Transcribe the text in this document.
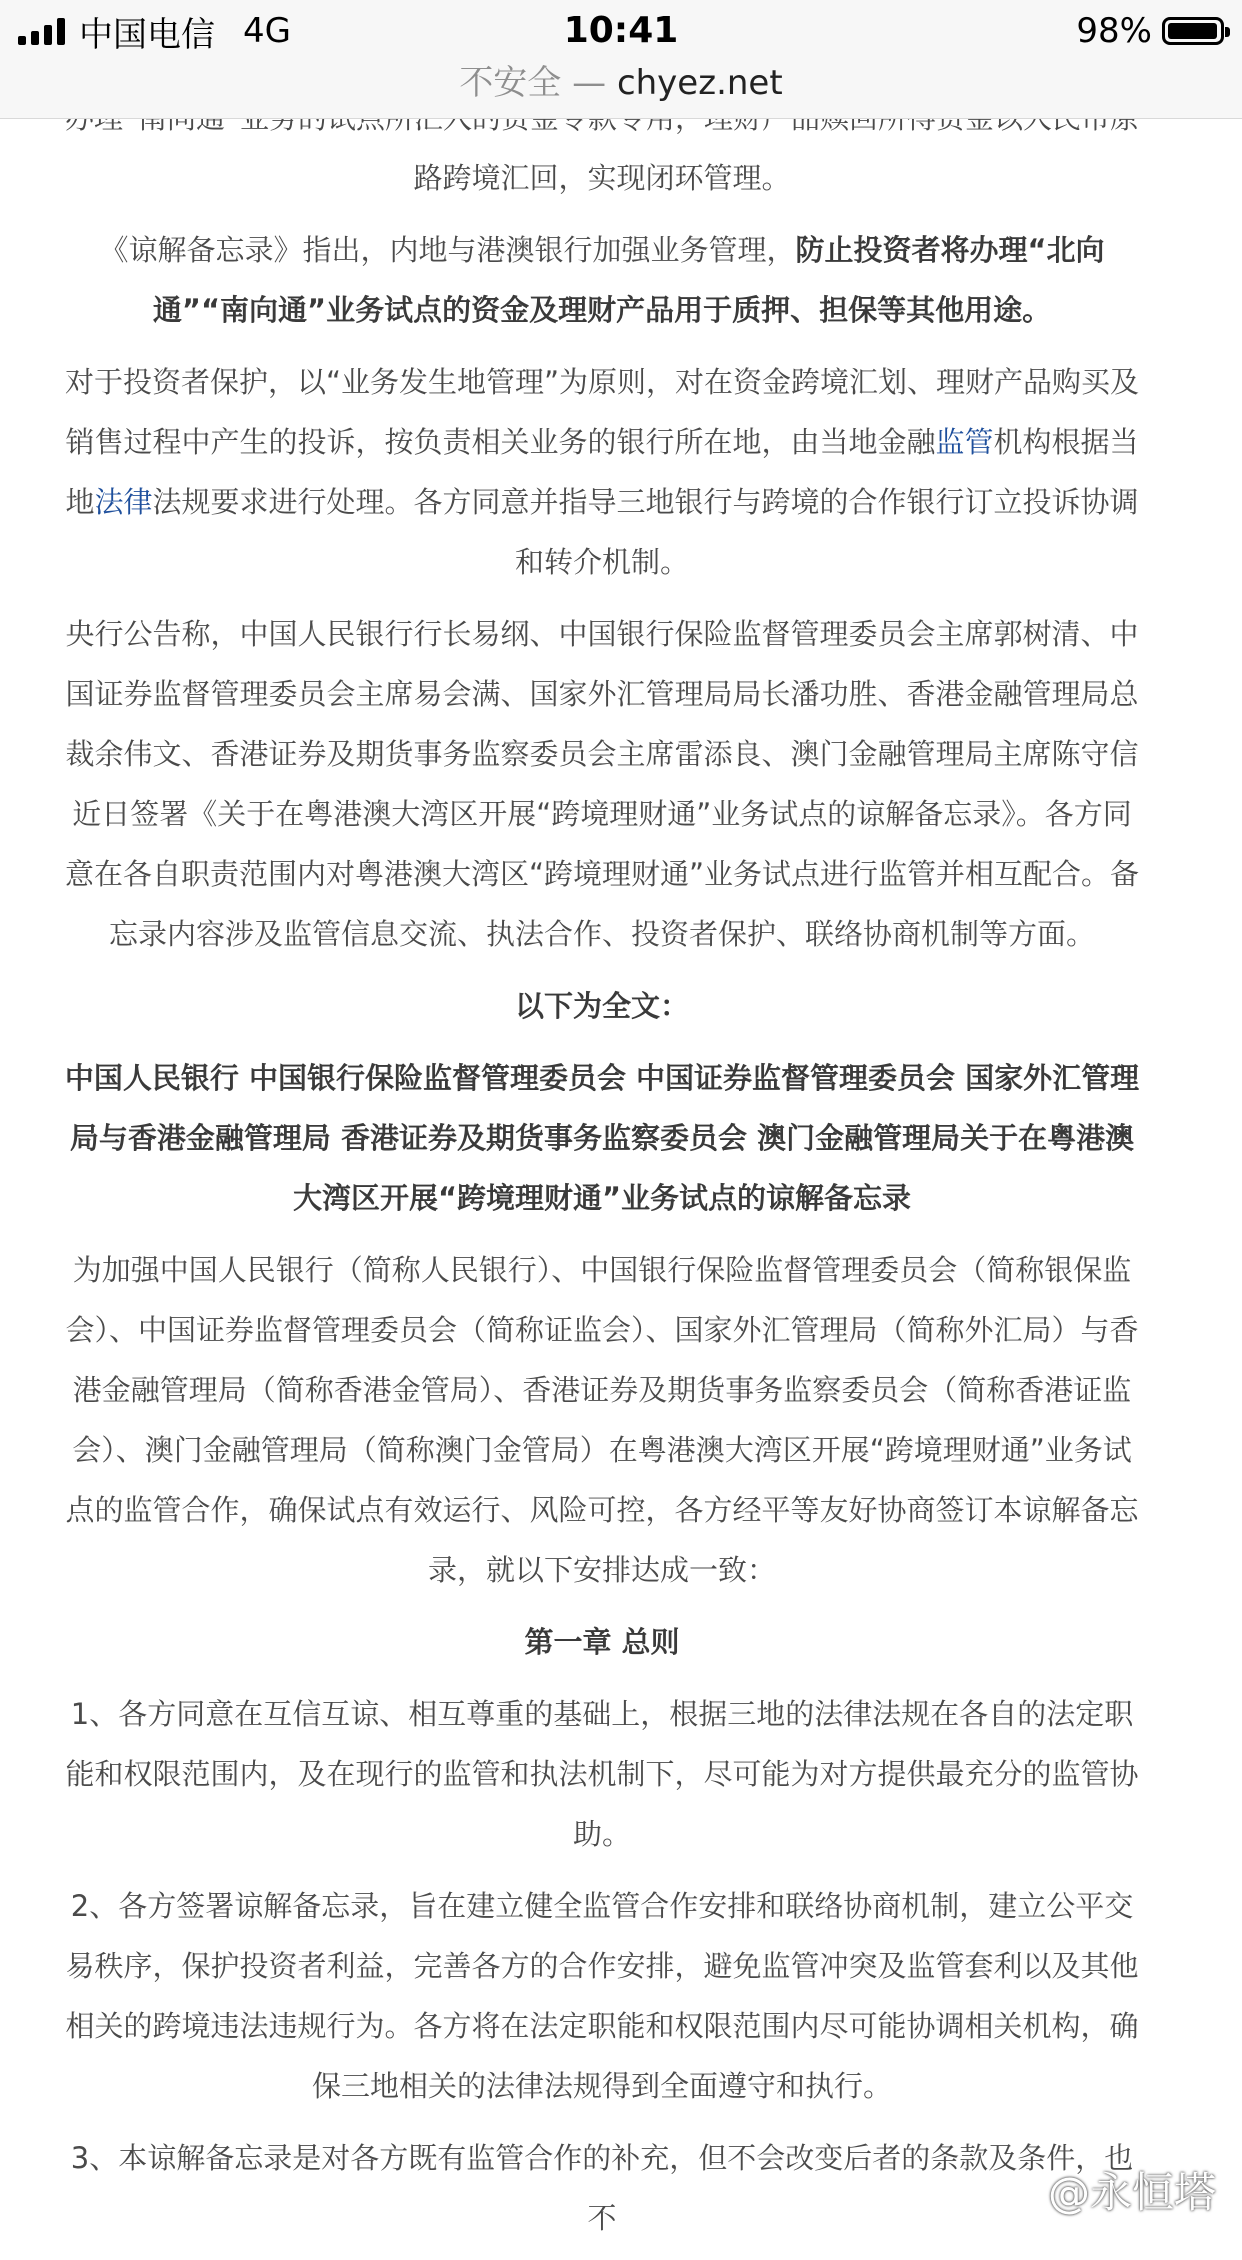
中国电信 4G	10:41	98%
不安全 — chyez.net

路跨境汇回，实现闭环管理。

《谅解备忘录》指出，内地与港澳银行加强业务管理，防止投资者将办理“北向通”“南向通”业务试点的资金及理财产品用于质押、担保等其他用途。

对于投资者保护，以“业务发生地管理”为原则，对在资金跨境汇划、理财产品购买及销售过程中产生的投诉，按负责相关业务的银行所在地，由当地金融监管机构根据当地法律法规要求进行处理。各方同意并指导三地银行与跨境的合作银行订立投诉协调和转介机制。

央行公告称，中国人民银行行长易纲、中国银行保险监督管理委员会主席郭树清、中国证券监督管理委员会主席易会满、国家外汇管理局局长潘功胜、香港金融管理局总裁余伟文、香港证券及期货事务监察委员会主席雷添良、澳门金融管理局主席陈守信近日签署《关于在粤港澳大湾区开展“跨境理财通”业务试点的谅解备忘录》。各方同意在各自职责范围内对粤港澳大湾区“跨境理财通”业务试点进行监管并相互配合。备忘录内容涉及监管信息交流、执法合作、投资者保护、联络协商机制等方面。

以下为全文：

中国人民银行 中国银行保险监督管理委员会 中国证券监督管理委员会 国家外汇管理局与香港金融管理局 香港证券及期货事务监察委员会 澳门金融管理局关于在粤港澳大湾区开展“跨境理财通”业务试点的谅解备忘录

为加强中国人民银行（简称人民银行）、中国银行保险监督管理委员会（简称银保监会）、中国证券监督管理委员会（简称证监会）、国家外汇管理局（简称外汇局）与香港金融管理局（简称香港金管局）、香港证券及期货事务监察委员会（简称香港证监会）、澳门金融管理局（简称澳门金管局）在粤港澳大湾区开展“跨境理财通”业务试点的监管合作，确保试点有效运行、风险可控，各方经平等友好协商签订本谅解备忘录，就以下安排达成一致：

第一章 总则

1、各方同意在互信互谅、相互尊重的基础上，根据三地的法律法规在各自的法定职能和权限范围内，及在现行的监管和执法机制下，尽可能为对方提供最充分的监管协助。

2、各方签署谅解备忘录，旨在建立健全监管合作安排和联络协商机制，建立公平交易秩序，保护投资者利益，完善各方的合作安排，避免监管冲突及监管套利以及其他相关的跨境违法违规行为。各方将在法定职能和权限范围内尽可能协调相关机构，确保三地相关的法律法规得到全面遵守和执行。

3、本谅解备忘录是对各方既有监管合作的补充，但不会改变后者的条款及条件，也不

@永恒塔
